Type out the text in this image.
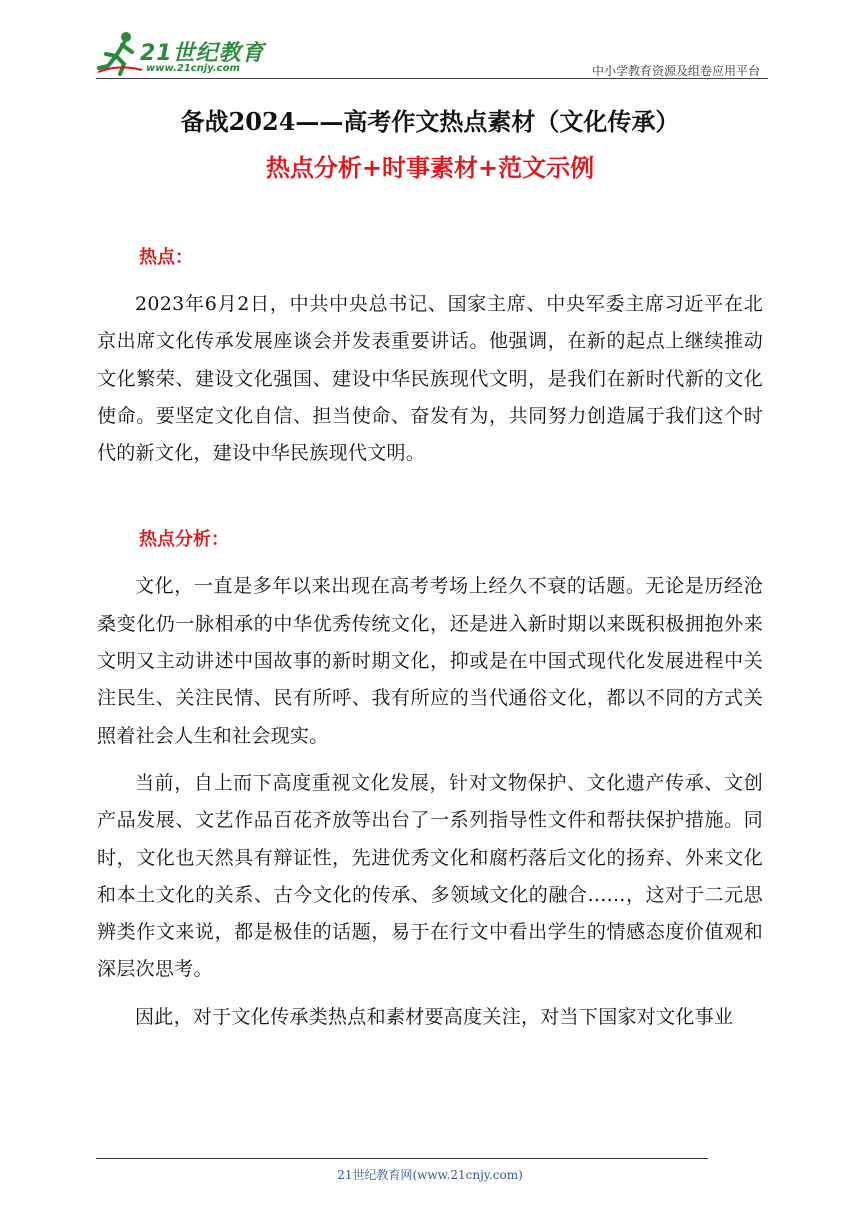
21世纪教育
www.21cnjy.com	中小学教育资源及组卷应用平台
备战2024——高考作文热点素材（文化传承）
热点分析+时事素材+范文示例
热点：

2023年6月2日，中共中央总书记、国家主席、中央军委主席习近平在北京出席文化传承发展座谈会并发表重要讲话。他强调，在新的起点上继续推动文化繁荣、建设文化强国、建设中华民族现代文明，是我们在新时代新的文化使命。要坚定文化自信、担当使命、奋发有为，共同努力创造属于我们这个时代的新文化，建设中华民族现代文明。

热点分析：

文化，一直是多年以来出现在高考考场上经久不衰的话题。无论是历经沧桑变化仍一脉相承的中华优秀传统文化，还是进入新时期以来既积极拥抱外来文明又主动讲述中国故事的新时期文化，抑或是在中国式现代化发展进程中关注民生、关注民情、民有所呼、我有所应的当代通俗文化，都以不同的方式关照着社会人生和社会现实。

当前，自上而下高度重视文化发展，针对文物保护、文化遗产传承、文创产品发展、文艺作品百花齐放等出台了一系列指导性文件和帮扶保护措施。同时，文化也天然具有辩证性，先进优秀文化和腐朽落后文化的扬弃、外来文化和本土文化的关系、古今文化的传承、多领域文化的融合......，这对于二元思辨类作文来说，都是极佳的话题，易于在行文中看出学生的情感态度价值观和深层次思考。

因此，对于文化传承类热点和素材要高度关注，对当下国家对文化事业

21世纪教育网(www.21cnjy.com)
